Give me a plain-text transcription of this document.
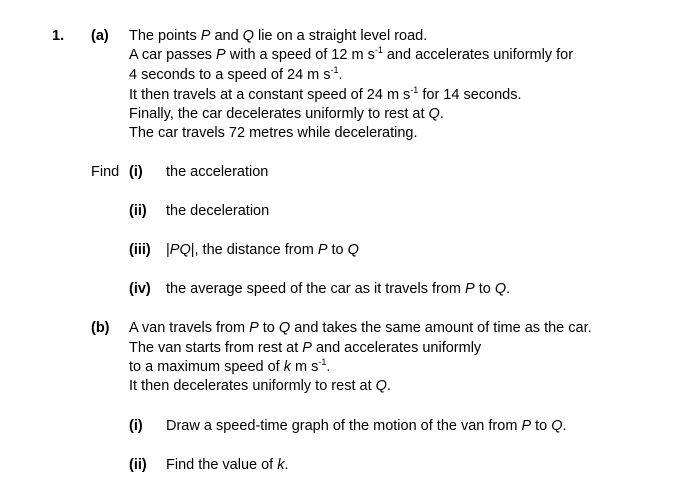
1. (a) The points P and Q lie on a straight level road.
A car passes P with a speed of 12 m $s^{-1}$ and accelerates uniformly for
4 seconds to a speed of 24 m $s^{-1}$.
It then travels at a constant speed of 24 m $s^{-1}$ for 14 seconds.
Finally, the car decelerates uniformly to rest at Q.
The car travels 72 metres while decelerating.
Find (i) the acceleration
(ii) the deceleration
(iii) |PQ|, the distance from P to Q
(iv) the average speed of the car as it travels from P to Q.
(b) A van travels from P to Q and takes the same amount of time as the car.
The van starts from rest at P and accelerates uniformly
to a maximum speed of k m $s^{-1}$.
It then decelerates uniformly to rest at Q.
(i) Draw a speed-time graph of the motion of the van from P to Q.
(ii) Find the value of k.
